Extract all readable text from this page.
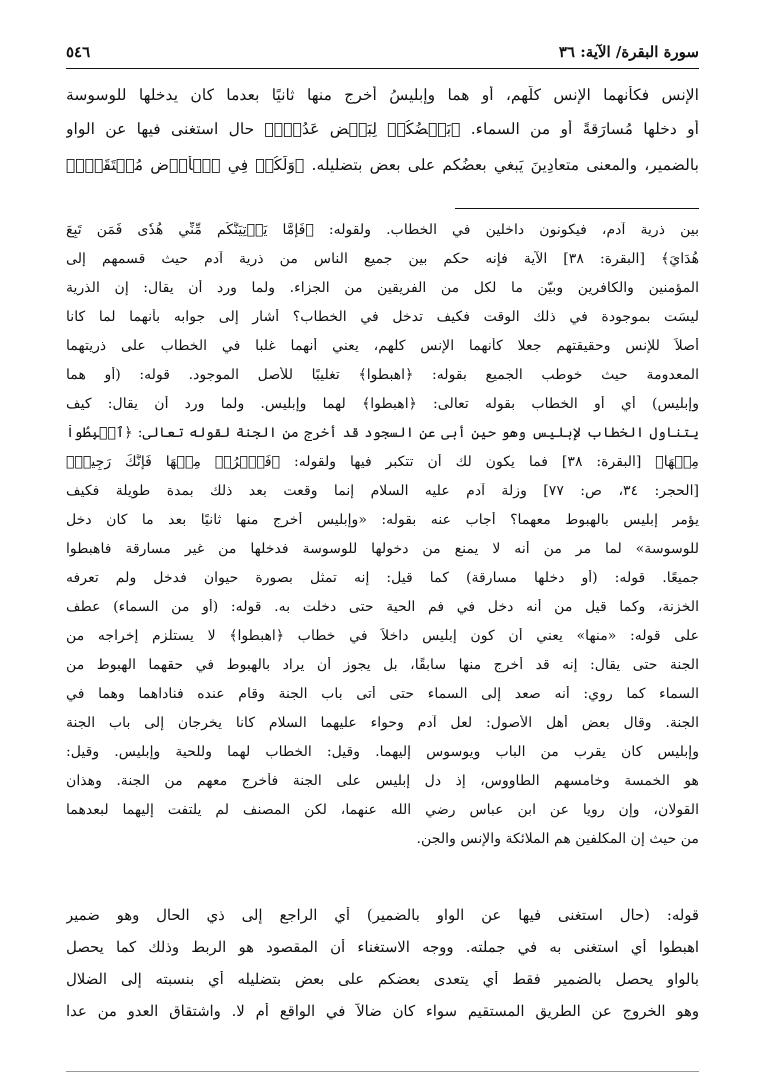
سورة البقرة/ الآية: ٣٦
٥٤٦
الإنس فكأنهما الإنس كلُّهم، أو هما وإبليسُ أُخرج منها ثانيًا بعدما كان يدخلها للوسوسة
أو دخلها مُسارَقةً أو من السماء. ﴿بَعۡضُكُمۡ لِبَعۡضٍ عَدُوّٞ﴾ حال استغنى فيها عن الواو
بالضمير، والمعنى متعادِينَ يَبغي بعضُكم على بعض بتضليله. ﴿وَلَكُمۡ فِي ٱلۡأَرۡضِ مُسۡتَقَرّٞ﴾
بين ذرية آدم، فيكونون داخلين في الخطاب. ولقوله: ﴿فَإِمَّا يَأۡتِيَنَّكُم مِّنِّي هُدٗى فَمَن تَبِعَ
هُدَايَ﴾ [البقرة: ٣٨] الآية فإنه حكم بين جميع الناس من ذرية آدم حيث قسمهم إلى
المؤمنين والكافرين وبيّن ما لكل من الفريقين من الجزاء. ولما ورد أن يقال: إن الذرية
ليسَت بموجودة في ذلك الوقت فكيف تدخل في الخطاب؟ أشار إلى جوابه بأنهما لما كانا
أصلاً للإنس وحقيقتهم جعلا كأنهما الإنس كلهم، يعني أنهما غلبا في الخطاب على ذريتهما
المعدومة حيث خوطب الجميع بقوله: ﴿اهبطوا﴾ تغليبًا للأصل الموجود. قوله: (أو هما
وإبليس) أي أو الخطاب بقوله تعالى: ﴿اهبطوا﴾ لهما وإبليس. ولما ورد أن يقال: كيف
يتناول الخطاب لإبليس وهو حين أبى عن السجود قد أخرج من الجنة لقوله تعالى: ﴿ٱهۡبِطُواْ
مِنۡهَا﴾ [البقرة: ٣٨] فما يكون لك أن تتكبر فيها ولقوله: ﴿فَٱخۡرُجۡ مِنۡهَا فَإِنَّكَ رَجِيمٞ﴾
[الحجر: ٣٤، ص: ٧٧] وزلة آدم عليه السلام إنما وقعت بعد ذلك بمدة طويلة فكيف
يؤمر إبليس بالهبوط معهما؟ أجاب عنه بقوله: «وإبليس أخرج منها ثانيًا بعد ما كان دخل
للوسوسة» لما مر من أنه لا يمنع من دخولها للوسوسة فدخلها من غير مسارقة فاهبطوا
جميعًا. قوله: (أو دخلها مسارقة) كما قيل: إنه تمثل بصورة حيوان فدخل ولم تعرفه
الخزنة، وكما قيل من أنه دخل في فم الحية حتى دخلت به. قوله: (أو من السماء) عطف
على قوله: «منها» يعني أن كون إبليس داخلاً في خطاب ﴿اهبطوا﴾ لا يستلزم إخراجه من
الجنة حتى يقال: إنه قد أخرج منها سابقًا، بل يجوز أن يراد بالهبوط في حقهما الهبوط من
السماء كما روي: أنه صعد إلى السماء حتى أتى باب الجنة وقام عنده فناداهما وهما في
الجنة. وقال بعض أهل الأصول: لعل آدم وحواء عليهما السلام كانا يخرجان إلى باب الجنة
وإبليس كان يقرب من الباب ويوسوس إليهما. وقيل: الخطاب لهما وللحية وإبليس. وقيل:
هو الخمسة وخامسهم الطاووس، إذ دل إبليس على الجنة فأخرج معهم من الجنة. وهذان
القولان، وإن رويا عن ابن عباس رضي الله عنهما، لكن المصنف لم يلتفت إليهما لبعدهما
من حيث إن المكلفين هم الملائكة والإنس والجن.
قوله: (حال استغنى فيها عن الواو بالضمير) أي الراجع إلى ذي الحال وهو ضمير
اهبطوا أي استغنى به في جملته. ووجه الاستغناء أن المقصود هو الربط وذلك كما يحصل
بالواو يحصل بالضمير فقط أي يتعدى بعضكم على بعض بتضليله أي بنسبته إلى الضلال
وهو الخروج عن الطريق المستقيم سواء كان ضالاً في الواقع أم لا. واشتقاق العدو من عدا
